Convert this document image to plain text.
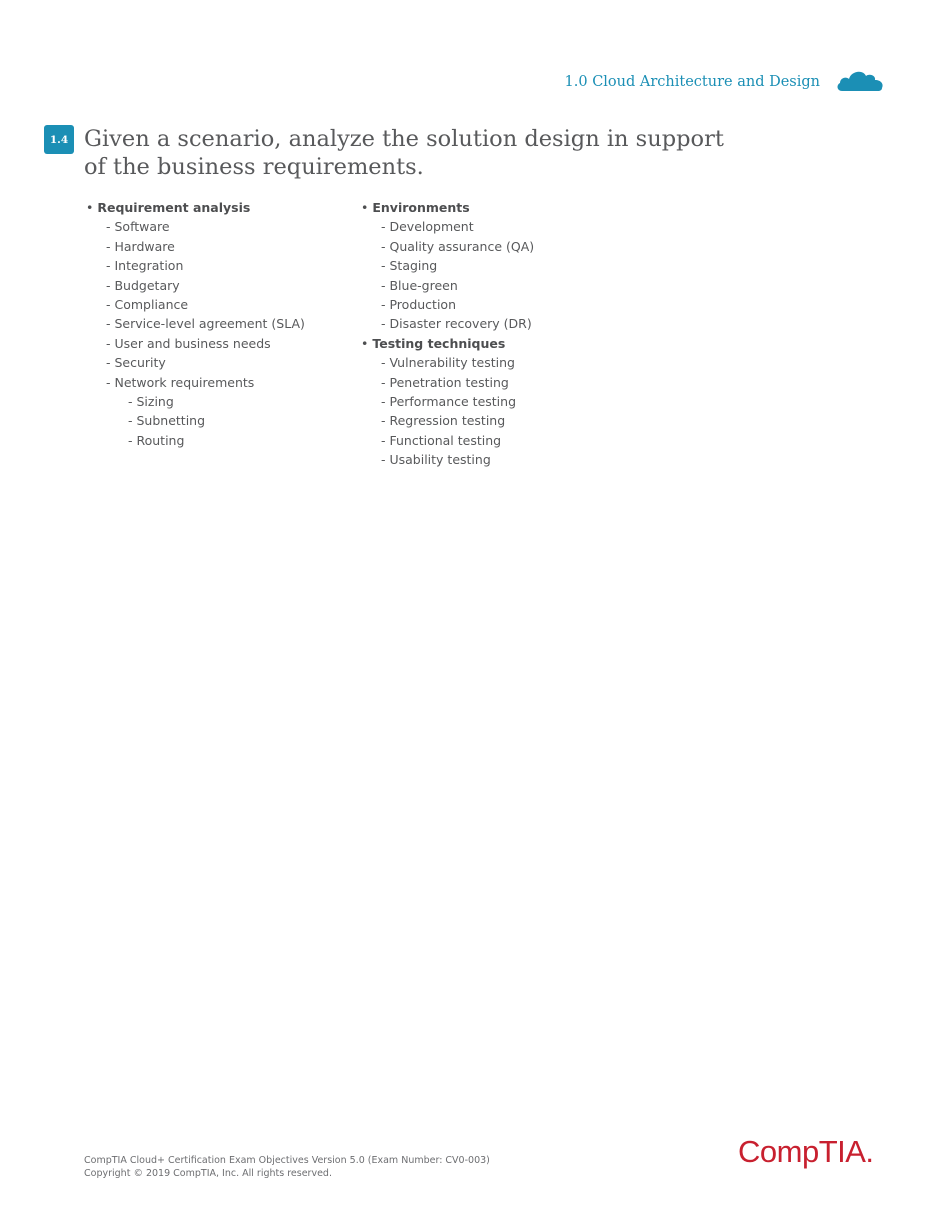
1.0 Cloud Architecture and Design
1.4 Given a scenario, analyze the solution design in support of the business requirements.
• Requirement analysis
- Software
- Hardware
- Integration
- Budgetary
- Compliance
- Service-level agreement (SLA)
- User and business needs
- Security
- Network requirements
- Sizing
- Subnetting
- Routing
• Environments
- Development
- Quality assurance (QA)
- Staging
- Blue-green
- Production
- Disaster recovery (DR)
• Testing techniques
- Vulnerability testing
- Penetration testing
- Performance testing
- Regression testing
- Functional testing
- Usability testing
CompTIA Cloud+ Certification Exam Objectives Version 5.0 (Exam Number: CV0-003)
Copyright © 2019 CompTIA, Inc. All rights reserved.
CompTIA.
